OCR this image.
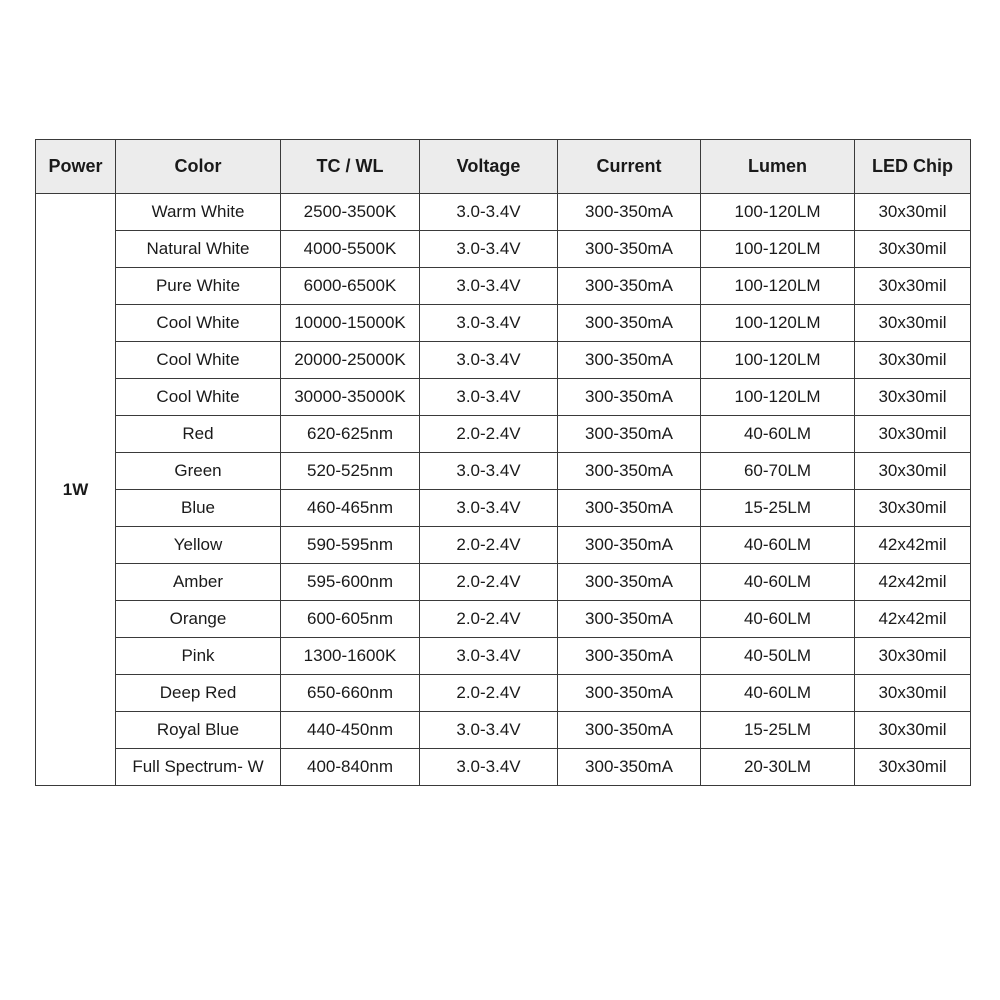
Power	Color	TC / WL	Voltage	Current	Lumen	LED Chip
1W	Warm White	2500-3500K	3.0-3.4V	300-350mA	100-120LM	30x30mil
	Natural White	4000-5500K	3.0-3.4V	300-350mA	100-120LM	30x30mil
	Pure White	6000-6500K	3.0-3.4V	300-350mA	100-120LM	30x30mil
	Cool White	10000-15000K	3.0-3.4V	300-350mA	100-120LM	30x30mil
	Cool White	20000-25000K	3.0-3.4V	300-350mA	100-120LM	30x30mil
	Cool White	30000-35000K	3.0-3.4V	300-350mA	100-120LM	30x30mil
	Red	620-625nm	2.0-2.4V	300-350mA	40-60LM	30x30mil
	Green	520-525nm	3.0-3.4V	300-350mA	60-70LM	30x30mil
	Blue	460-465nm	3.0-3.4V	300-350mA	15-25LM	30x30mil
	Yellow	590-595nm	2.0-2.4V	300-350mA	40-60LM	42x42mil
	Amber	595-600nm	2.0-2.4V	300-350mA	40-60LM	42x42mil
	Orange	600-605nm	2.0-2.4V	300-350mA	40-60LM	42x42mil
	Pink	1300-1600K	3.0-3.4V	300-350mA	40-50LM	30x30mil
	Deep Red	650-660nm	2.0-2.4V	300-350mA	40-60LM	30x30mil
	Royal Blue	440-450nm	3.0-3.4V	300-350mA	15-25LM	30x30mil
	Full Spectrum- W	400-840nm	3.0-3.4V	300-350mA	20-30LM	30x30mil
